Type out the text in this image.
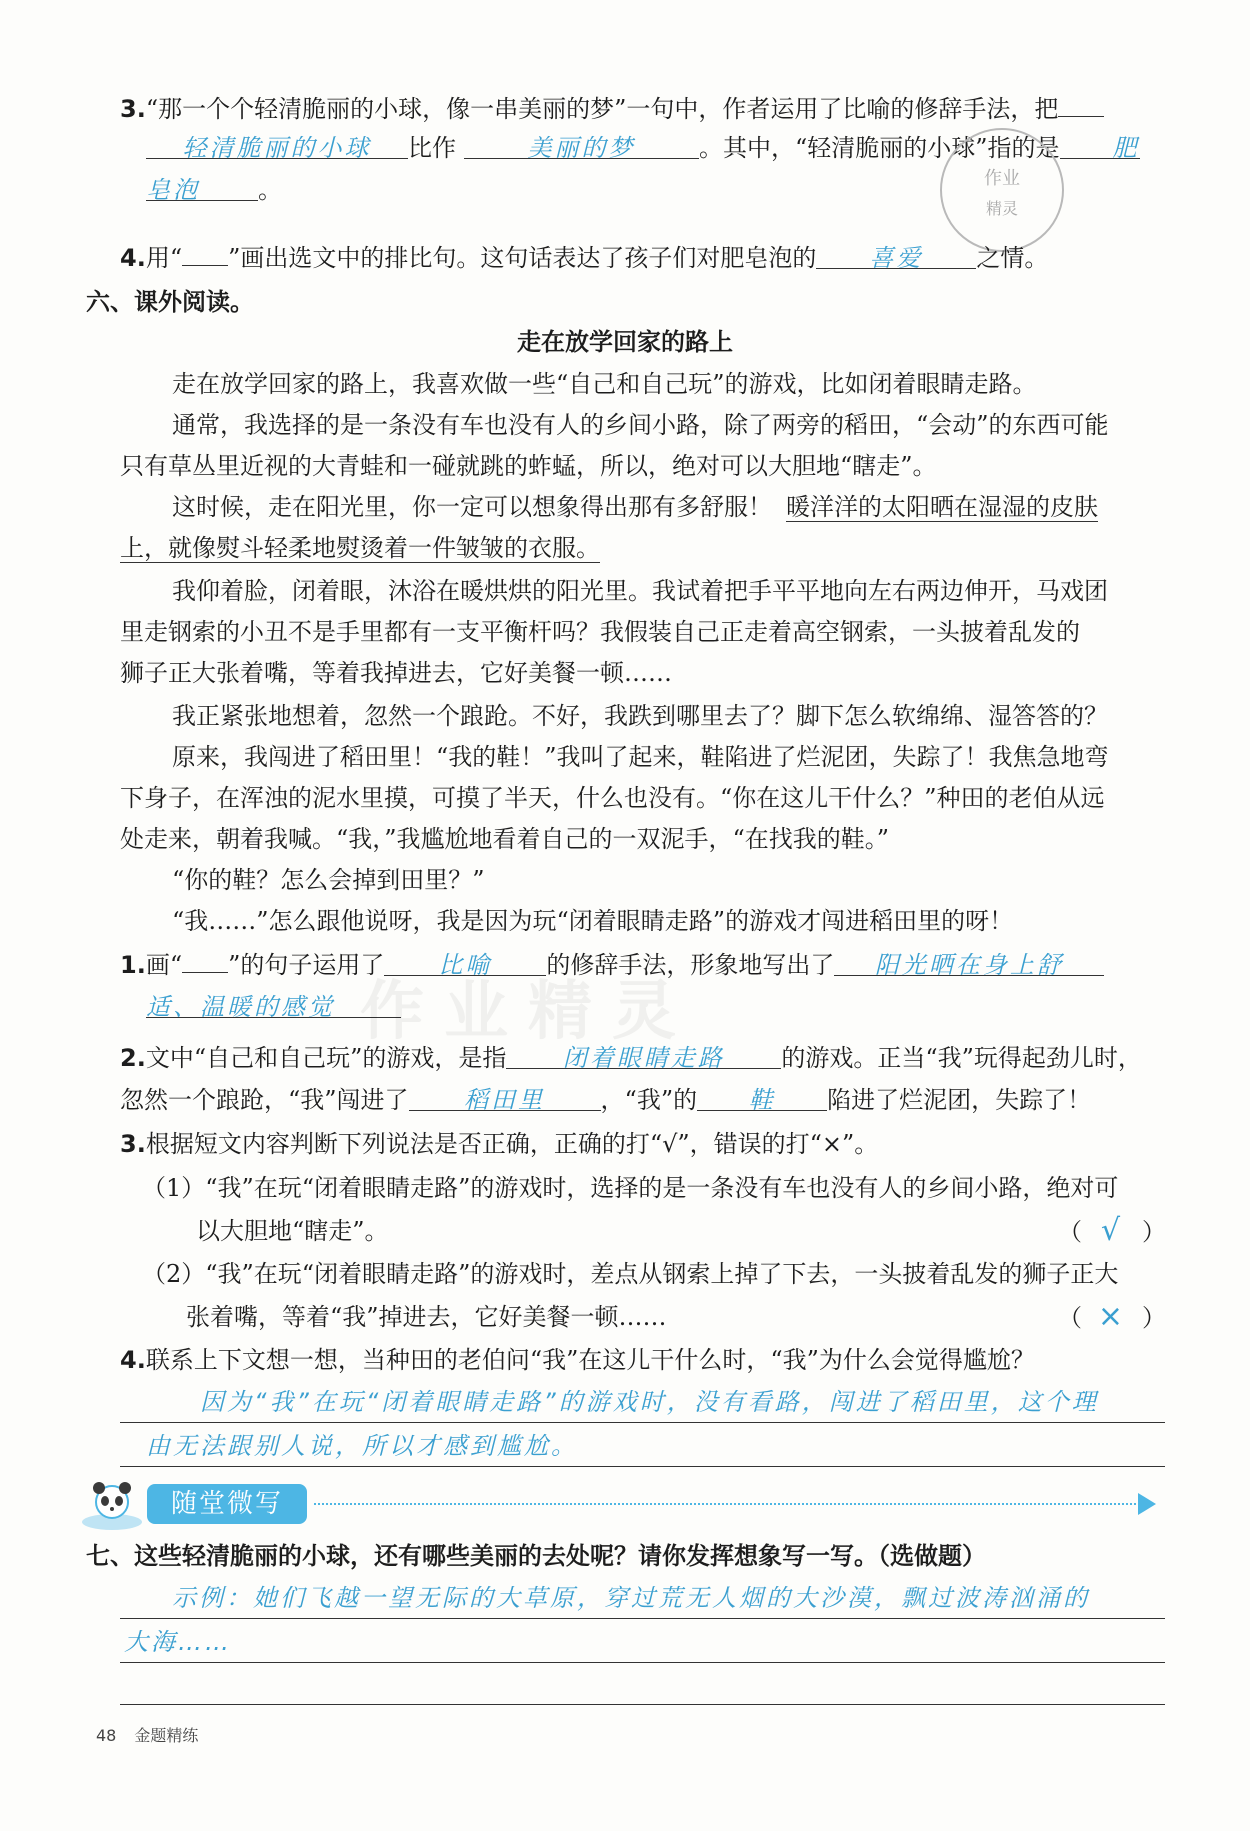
3.“那一个个轻清脆丽的小球，像一串美丽的梦”一句中，作者运用了比喻的修辞手法，把
轻清脆丽的小球 比作	美丽的梦	。其中，“轻清脆丽的小球”指的是 肥
皂泡 。	作业
精灵
4.用“ ”画出选文中的排比句。这句话表达了孩子们对肥皂泡的 喜爱 之情。
六、课外阅读。
走在放学回家的路上
走在放学回家的路上，我喜欢做一些“自己和自己玩”的游戏，比如闭着眼睛走路。
通常，我选择的是一条没有车也没有人的乡间小路，除了两旁的稻田，“会动”的东西可能
只有草丛里近视的大青蛙和一碰就跳的蚱蜢，所以，绝对可以大胆地“瞎走”。
这时候，走在阳光里，你一定可以想象得出那有多舒服！ 暖洋洋的太阳晒在湿湿的皮肤
上，就像熨斗轻柔地熨烫着一件皱皱的衣服。
我仰着脸，闭着眼，沐浴在暖烘烘的阳光里。我试着把手平平地向左右两边伸开，马戏团
里走钢索的小丑不是手里都有一支平衡杆吗？我假装自己正走着高空钢索，一头披着乱发的
狮子正大张着嘴，等着我掉进去，它好美餐一顿……
我正紧张地想着，忽然一个踉跄。不好，我跌到哪里去了？脚下怎么软绵绵、湿答答的？
原来，我闯进了稻田里！“我的鞋！”我叫了起来，鞋陷进了烂泥团，失踪了！我焦急地弯
下身子，在浑浊的泥水里摸，可摸了半天，什么也没有。“你在这儿干什么？”种田的老伯从远
处走来，朝着我喊。“我，”我尴尬地看着自己的一双泥手，“在找我的鞋。”
“你的鞋？怎么会掉到田里？”
“我……”怎么跟他说呀，我是因为玩“闭着眼睛走路”的游戏才闯进稻田里的呀！
1.画“ ”的句子运用了 比喻 的修辞手法，形象地写出了 阳光晒在身上舒
适、温暖的感觉 作业精灵
2.文中“自己和自己玩”的游戏，是指 闭着眼睛走路 的游戏。正当“我”玩得起劲儿时，
忽然一个踉跄，“我”闯进了 稻田里 ，“我”的 鞋 陷进了烂泥团，失踪了！
3.根据短文内容判断下列说法是否正确，正确的打“√”，错误的打“×”。
（1）“我”在玩“闭着眼睛走路”的游戏时，选择的是一条没有车也没有人的乡间小路，绝对可
以大胆地“瞎走”。	（ √ ）
（2）“我”在玩“闭着眼睛走路”的游戏时，差点从钢索上掉了下去，一头披着乱发的狮子正大
张着嘴，等着“我”掉进去，它好美餐一顿……	（ × ）
4.联系上下文想一想，当种田的老伯问“我”在这儿干什么时，“我”为什么会觉得尴尬？
因为“我”在玩“闭着眼睛走路”的游戏时，没有看路，闯进了稻田里，这个理
由无法跟别人说，所以才感到尴尬。
随堂微写
七、这些轻清脆丽的小球，还有哪些美丽的去处呢？请你发挥想象写一写。（选做题）
示例：她们飞越一望无际的大草原，穿过荒无人烟的大沙漠，飘过波涛汹涌的
大海……
48 金题精练
